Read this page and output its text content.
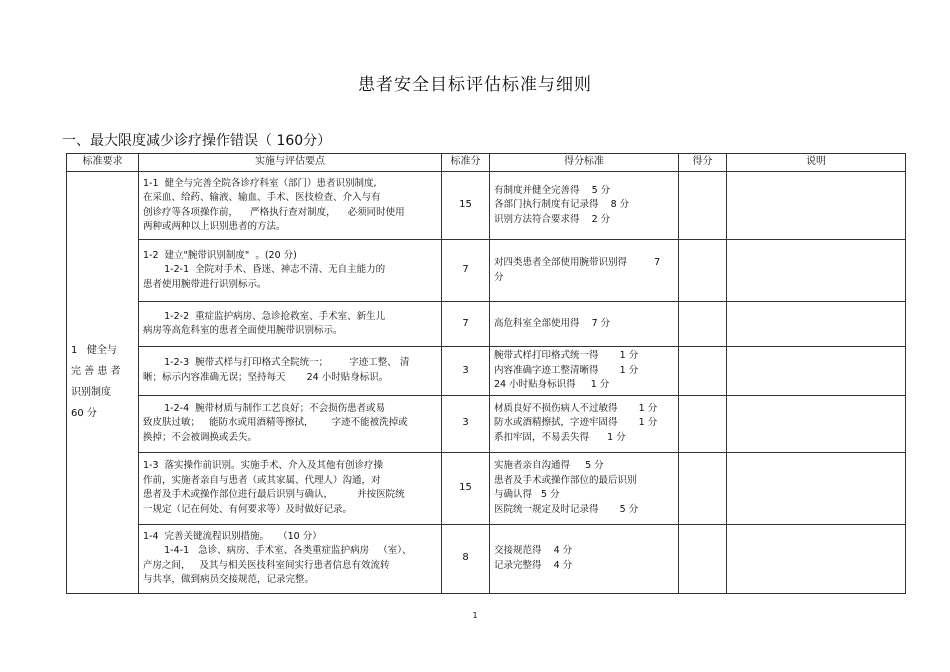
患者安全目标评估标准与细则
一、最大限度减少诊疗操作错误（ 160分）
标准要求	实施与评估要点	标准分	得分标准	得分	说明

1   健全与
完 善 患 者
识别制度
60 分	1-1  健全与完善全院各诊疗科室（部门）患者识别制度,
在采血、给药、输液、输血、手术、医技检查、介入与有
创诊疗等各项操作前，    严格执行查对制度，    必须同时使用
两种或两种以上识别患者的方法。	15	有制度并健全完善得    5 分
各部门执行制度有记录得    8 分
识别方法符合要求得    2 分		

	1-2  建立"腕带识别制度"  。(20 分)
1-2-1  全院对手术、昏迷、神志不清、无自主能力的
患者使用腕带进行识别标示。	7	对四类患者全部使用腕带识别得         7
分		

	1-2-2  重症监护病房、急诊抢救室、手术室、新生儿
病房等高危科室的患者全面使用腕带识别标示。	7	高危科室全部使用得    7 分		

	1-2-3  腕带式样与打印格式全院统一；       字迹工整、 清
晰；标示内容准确无误；坚持每天       24 小时贴身标识。	3	腕带式样打印格式统一得       1 分
内容准确字迹工整清晰得       1 分
24 小时贴身标识得     1 分		

	1-2-4  腕带材质与制作工艺良好；不会损伤患者或易
致皮肤过敏；   能防水或用酒精等擦拭，      字迹不能被洗掉或
换掉；不会被调换或丢失。	3	材质良好不损伤病人不过敏得       1 分
防水或酒精擦拭，字迹牢固得       1 分
系扣牢固，不易丢失得      1 分		

	1-3  落实操作前识别。实施手术、介入及其他有创诊疗操
作前，实施者亲自与患者（或其家属、代理人）沟通，对
患者及手术或操作部位进行最后识别与确认，        并按医院统
一规定（记在何处、有何要求等）及时做好记录。	15	实施者亲自沟通得     5 分
患者及手术或操作部位的最后识别
与确认得   5 分
医院统一规定及时记录得       5 分		

	1-4  完善关键流程识别措施。   （10 分）
1-4-1   急诊、病房、手术室、各类重症监护病房   （室）、
产房之间，   及其与相关医技科室间实行患者信息有效流转
与共享，做到病员交接规范，记录完整。	8	交接规范得    4 分
记录完整得    4 分		

1
